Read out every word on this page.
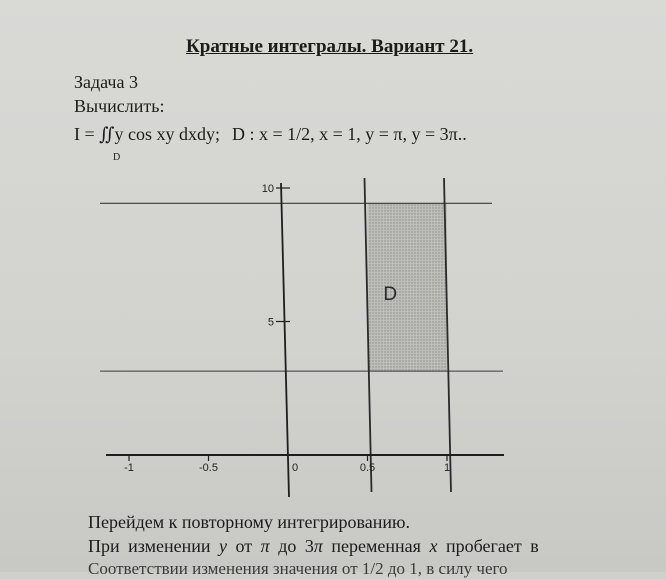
Кратные интегралы. Вариант 21.
Задача 3
Вычислить:
I = ∬y cos xy dxdy; D : x = 1/2, x = 1, y = π, y = 3π..
D
-1	-0.5	0	0.5	1
5
10
D
Перейдем к повторному интегрированию.
При изменении y от π до 3π переменная x пробегает в
Соответствии изменения значения от 1/2 до 1, в силу чего
